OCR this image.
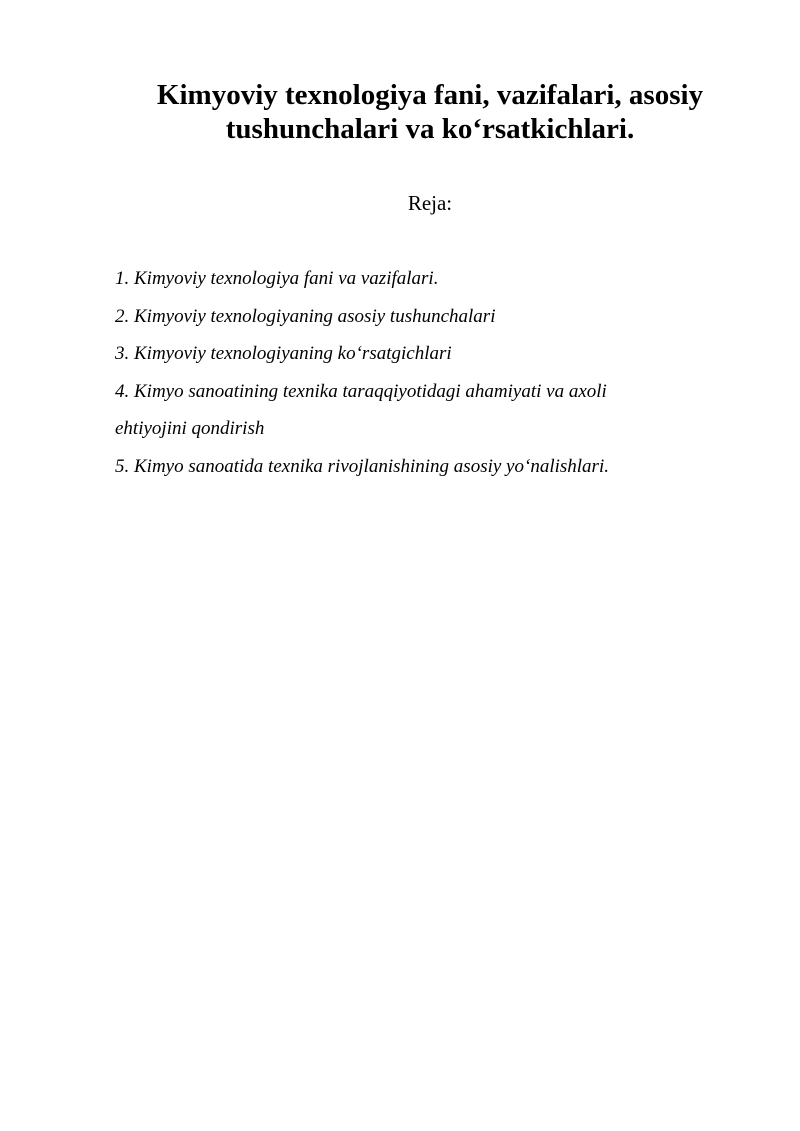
Kimyoviy texnologiya fani, vazifalari, asosiy
tushunchalari va ko‘rsatkichlari.
Reja:
1. Kimyoviy texnologiya fani va vazifalari.
2. Kimyoviy texnologiyaning asosiy tushunchalari
3. Kimyoviy texnologiyaning ko‘rsatgichlari
4. Kimyo sanoatining texnika taraqqiyotidagi ahamiyati va axoli
ehtiyojini qondirish
5. Kimyo sanoatida texnika rivojlanishining asosiy yo‘nalishlari.
